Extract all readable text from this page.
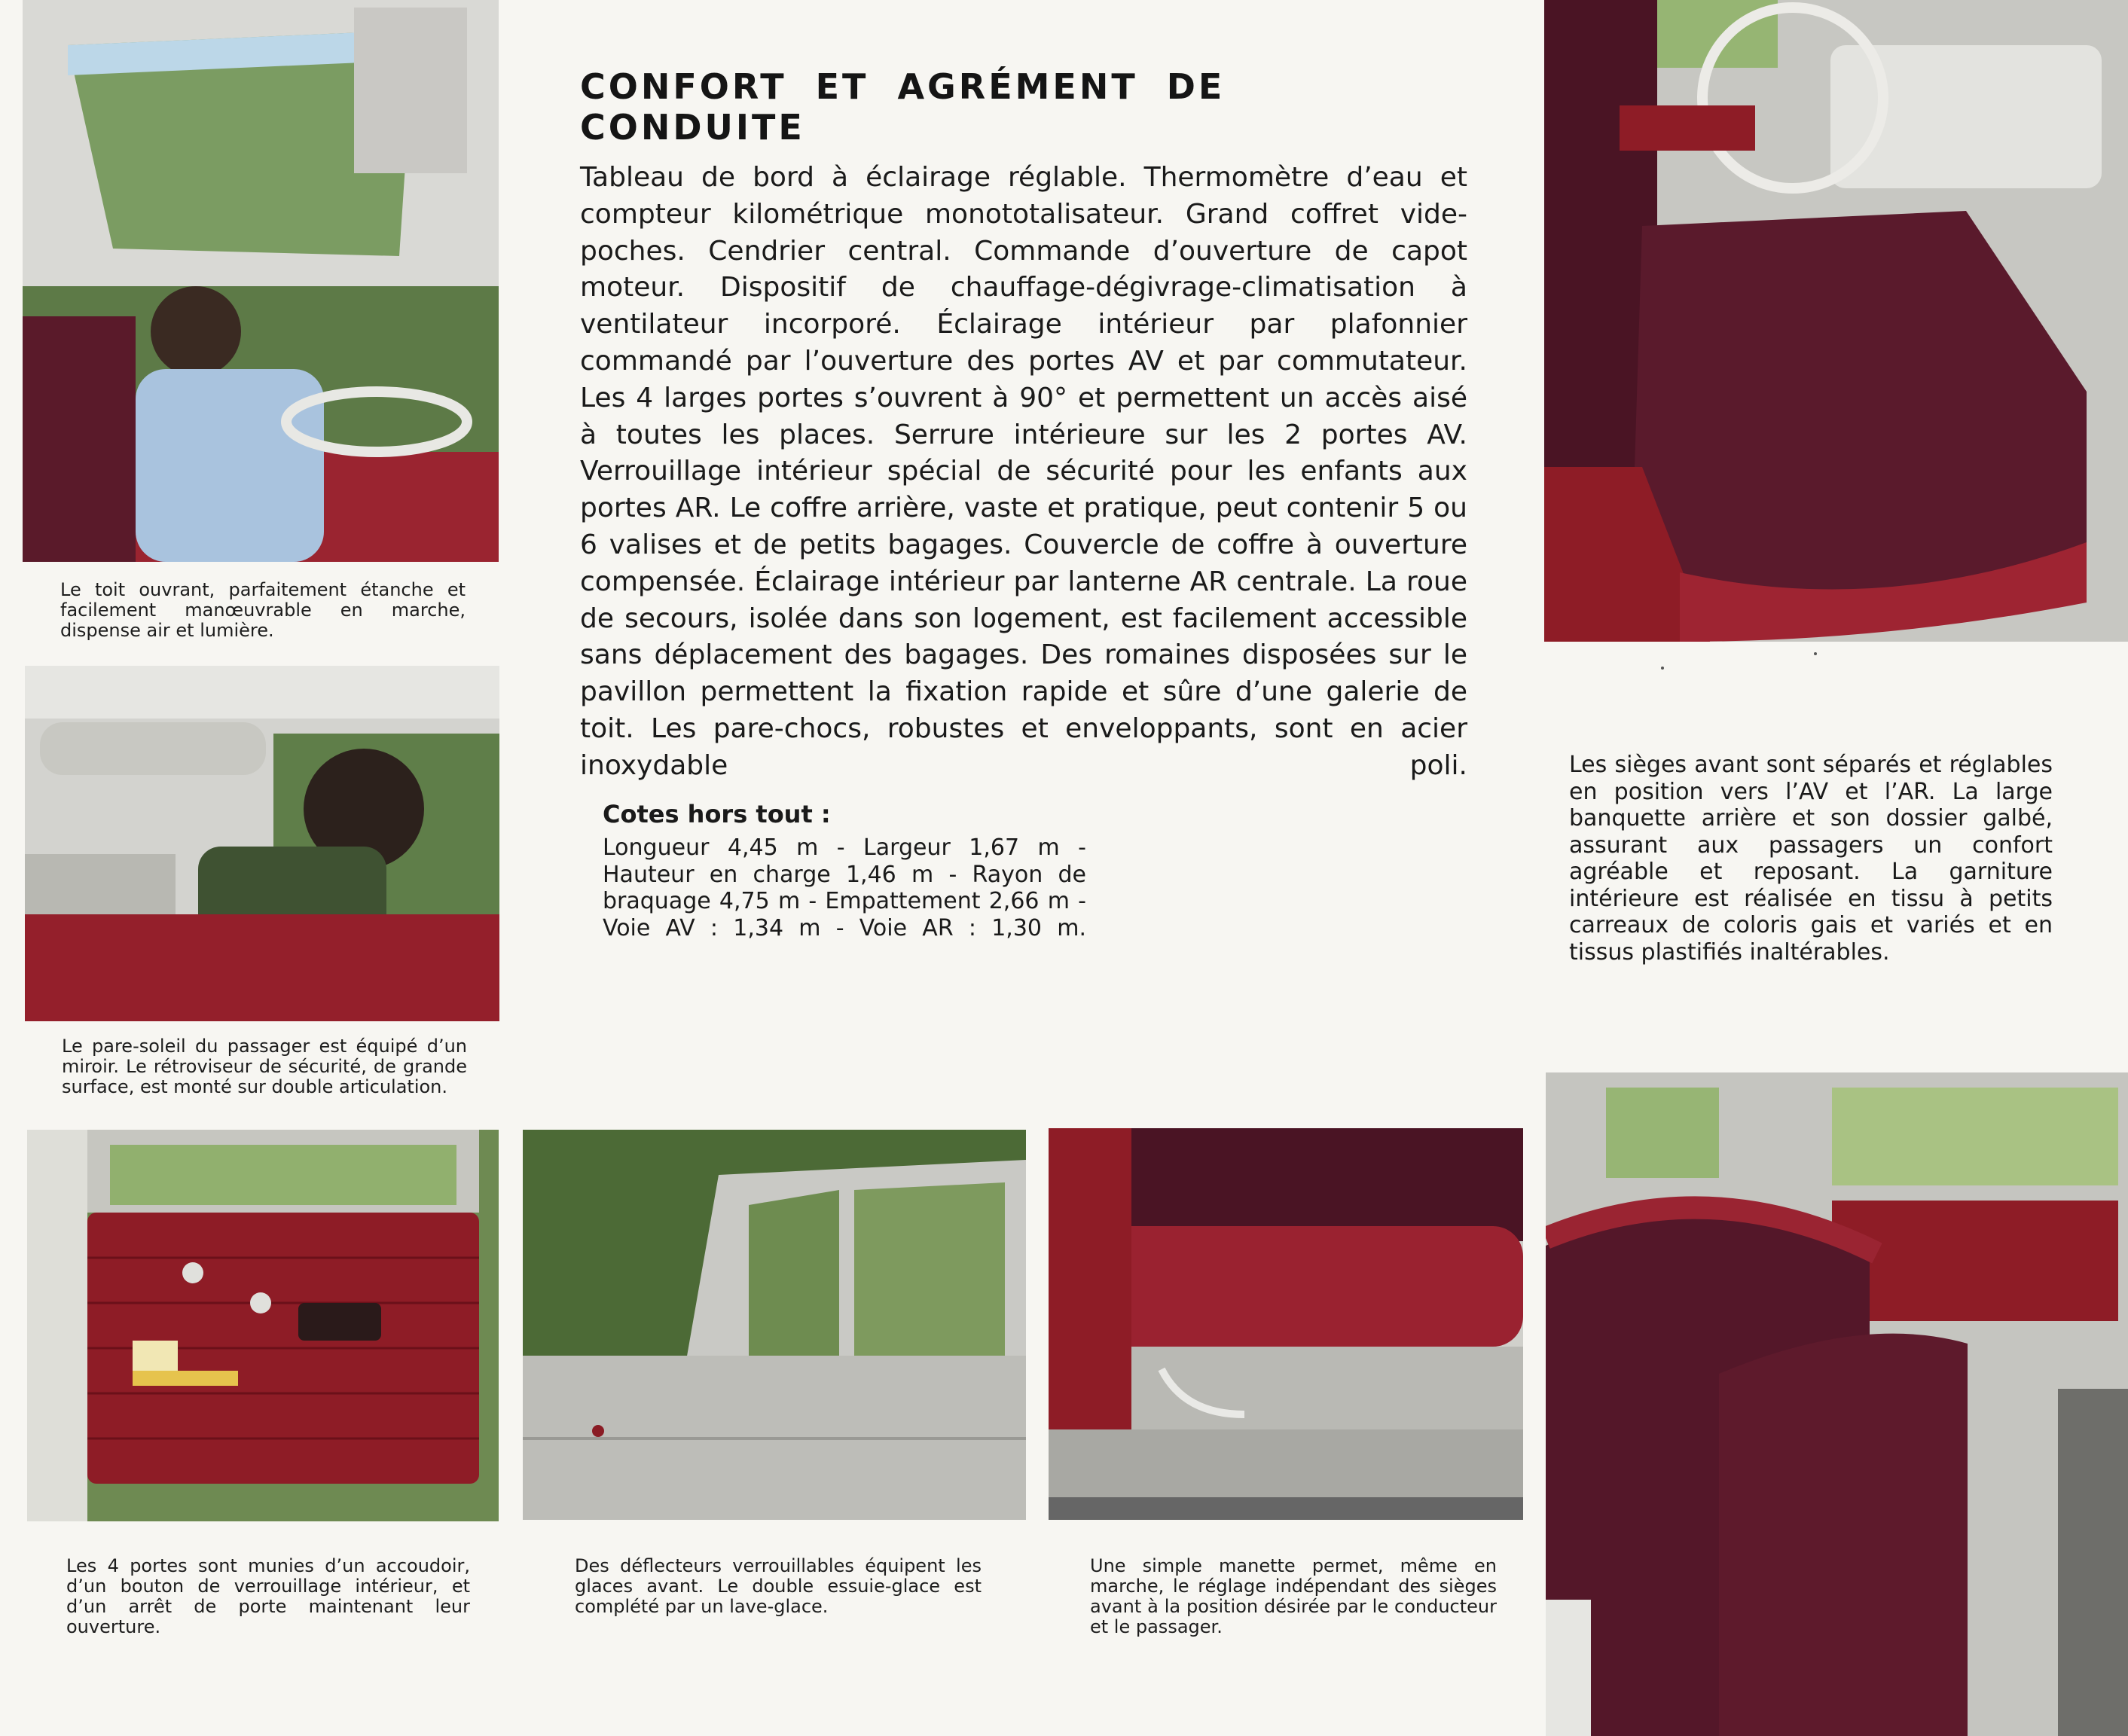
Le toit ouvrant, parfaitement étanche et facilement manœuvrable en marche, dispense air et lumière.
Le pare-soleil du passager est équipé d’un miroir. Le rétroviseur de sécurité, de grande surface, est monté sur double articulation.
Les 4 portes sont munies d’un accoudoir, d’un bouton de verrouillage intérieur, et d’un arrêt de porte maintenant leur ouverture.
Des déflecteurs verrouillables équipent les glaces avant. Le double essuie-glace est complété par un lave-glace.
Une simple manette permet, même en marche, le réglage indépendant des sièges avant à la position désirée par le conducteur et le passager.
Les sièges avant sont séparés et réglables en position vers l’AV et l’AR. La large banquette arrière et son dossier galbé, assurant aux passagers un confort agréable et reposant. La garniture intérieure est réalisée en tissu à petits carreaux de coloris gais et variés et en tissus plastifiés inaltérables.
CONFORT ET AGRÉMENT DE CONDUITE
Tableau de bord à éclairage réglable. Thermomètre d’eau et compteur kilométrique monototalisateur. Grand coffret vide-poches. Cendrier central. Commande d’ouverture de capot moteur. Dispositif de chauffage-dégivrage-climatisation à ventilateur incorporé. Éclairage intérieur par plafonnier commandé par l’ouverture des portes AV et par commutateur. Les 4 larges portes s’ouvrent à 90° et permettent un accès aisé à toutes les places. Serrure intérieure sur les 2 portes AV. Verrouillage intérieur spécial de sécurité pour les enfants aux portes AR. Le coffre arrière, vaste et pratique, peut contenir 5 ou 6 valises et de petits bagages. Couvercle de coffre à ouverture compensée. Éclairage intérieur par lanterne AR centrale. La roue de secours, isolée dans son logement, est facilement accessible sans déplacement des bagages. Des romaines disposées sur le pavillon permettent la fixation rapide et sûre d’une galerie de toit. Les pare-chocs, robustes et enveloppants, sont en acier inoxydable poli.
Cotes hors tout :
Longueur 4,45 m - Largeur 1,67 m - Hauteur en charge 1,46 m - Rayon de braquage 4,75 m - Empattement 2,66 m - Voie AV : 1,34 m - Voie AR : 1,30 m.
